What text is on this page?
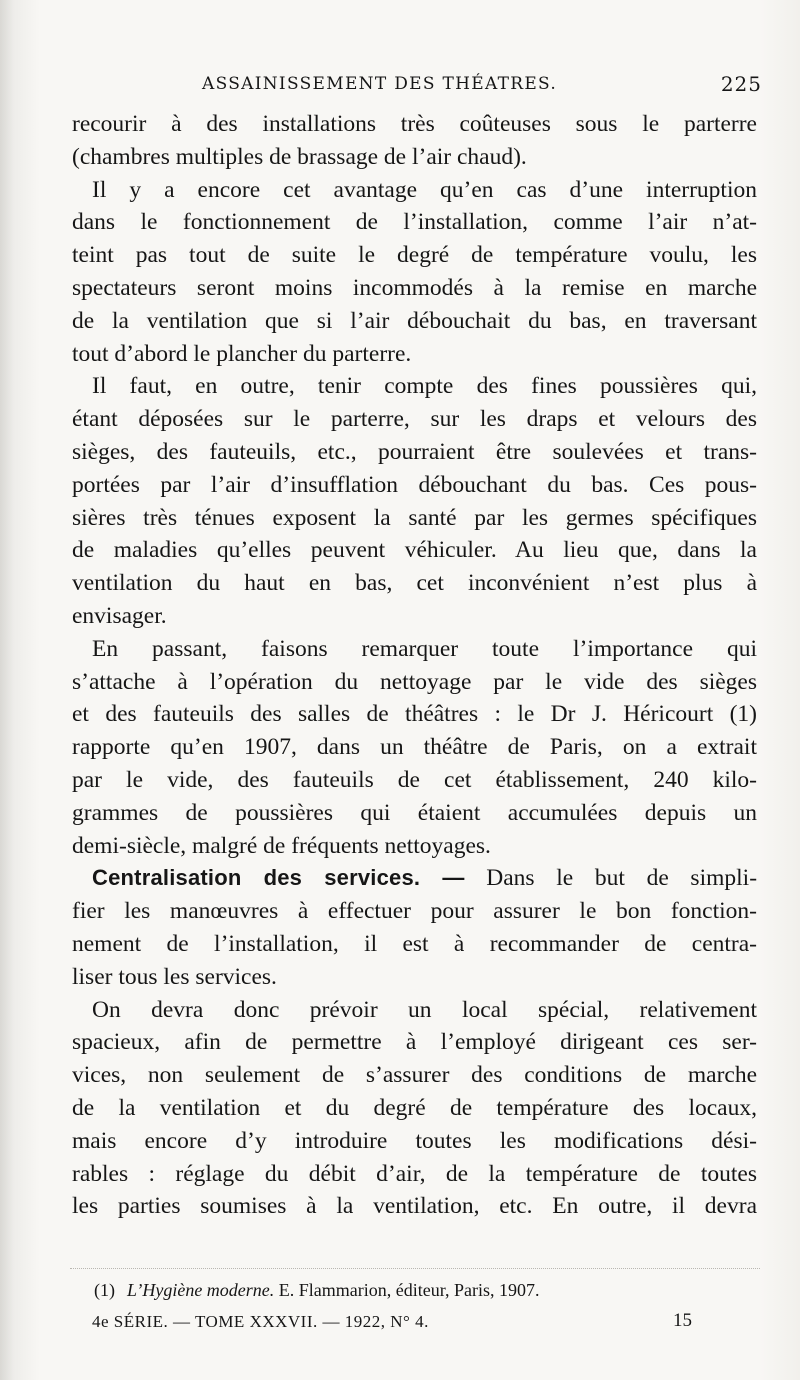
ASSAINISSEMENT DES THÉATRES.	225
recourir à des installations très coûteuses sous le parterre
(chambres multiples de brassage de l’air chaud).
Il y a encore cet avantage qu’en cas d’une interruption
dans le fonctionnement de l’installation, comme l’air n’at-
teint pas tout de suite le degré de température voulu, les
spectateurs seront moins incommodés à la remise en marche
de la ventilation que si l’air débouchait du bas, en traversant
tout d’abord le plancher du parterre.
Il faut, en outre, tenir compte des fines poussières qui,
étant déposées sur le parterre, sur les draps et velours des
sièges, des fauteuils, etc., pourraient être soulevées et trans-
portées par l’air d’insufflation débouchant du bas. Ces pous-
sières très ténues exposent la santé par les germes spécifiques
de maladies qu’elles peuvent véhiculer. Au lieu que, dans la
ventilation du haut en bas, cet inconvénient n’est plus à
envisager.
En passant, faisons remarquer toute l’importance qui
s’attache à l’opération du nettoyage par le vide des sièges
et des fauteuils des salles de théâtres : le Dr J. Héricourt (1)
rapporte qu’en 1907, dans un théâtre de Paris, on a extrait
par le vide, des fauteuils de cet établissement, 240 kilo-
grammes de poussières qui étaient accumulées depuis un
demi-siècle, malgré de fréquents nettoyages.
Centralisation des services. — Dans le but de simpli-
fier les manœuvres à effectuer pour assurer le bon fonction-
nement de l’installation, il est à recommander de centra-
liser tous les services.
On devra donc prévoir un local spécial, relativement
spacieux, afin de permettre à l’employé dirigeant ces ser-
vices, non seulement de s’assurer des conditions de marche
de la ventilation et du degré de température des locaux,
mais encore d’y introduire toutes les modifications dési-
rables : réglage du débit d’air, de la température de toutes
les parties soumises à la ventilation, etc. En outre, il devra
(1) L’Hygiène moderne. E. Flammarion, éditeur, Paris, 1907.
4e SÉRIE. — TOME XXXVII. — 1922, N° 4.	15
